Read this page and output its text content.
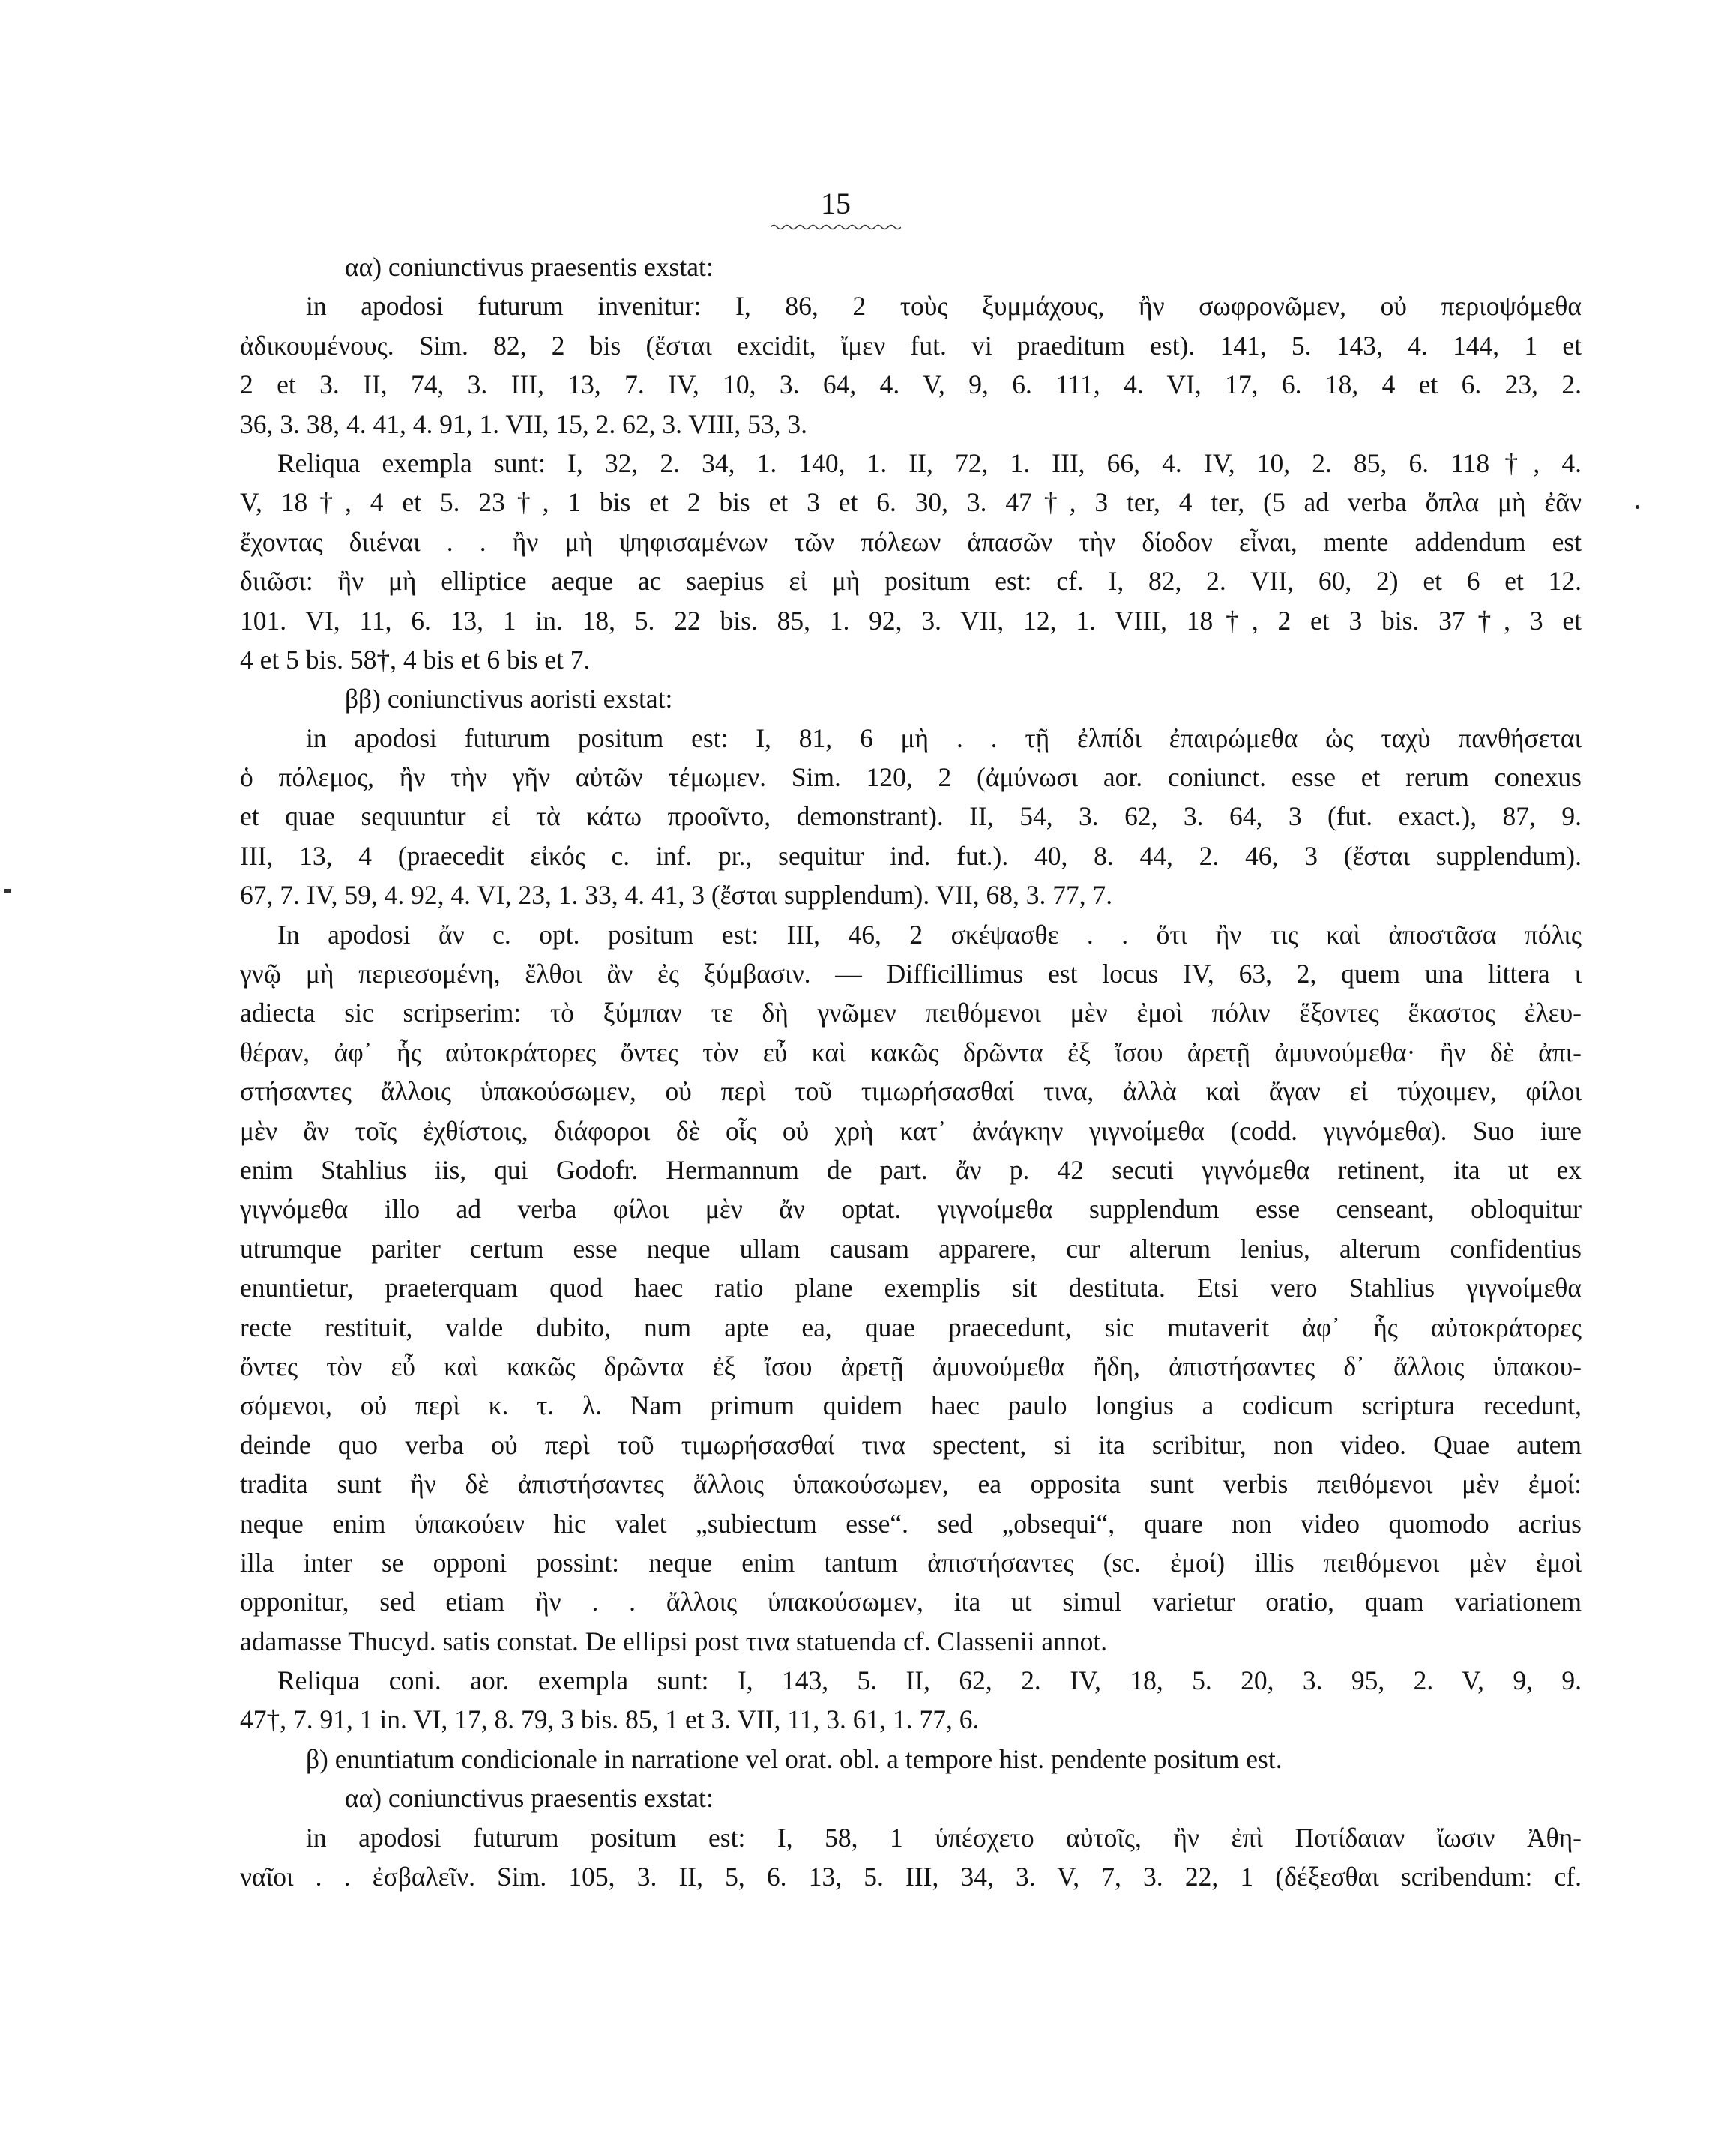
15
αα) coniunctivus praesentis exstat:
in apodosi futurum invenitur: I, 86, 2 τοὺς ξυμμάχους, ἢν σωφρονῶμεν, οὐ περιοψόμεθα
ἀδικουμένους. Sim. 82, 2 bis (ἔσται excidit, ἴμεν fut. vi praeditum est). 141, 5. 143, 4. 144, 1 et
2 et 3. II, 74, 3. III, 13, 7. IV, 10, 3. 64, 4. V, 9, 6. 111, 4. VI, 17, 6. 18, 4 et 6. 23, 2.
36, 3. 38, 4. 41, 4. 91, 1. VII, 15, 2. 62, 3. VIII, 53, 3.
Reliqua exempla sunt: I, 32, 2. 34, 1. 140, 1. II, 72, 1. III, 66, 4. IV, 10, 2. 85, 6. 118†, 4.
V, 18†, 4 et 5. 23†, 1 bis et 2 bis et 3 et 6. 30, 3. 47†, 3 ter, 4 ter, (5 ad verba ὅπλα μὴ ἐᾶν
ἔχοντας διιέναι . . ἢν μὴ ψηφισαμένων τῶν πόλεων ἁπασῶν τὴν δίοδον εἶναι, mente addendum est
διιῶσι: ἢν μὴ elliptice aeque ac saepius εἰ μὴ positum est: cf. I, 82, 2. VII, 60, 2) et 6 et 12.
101. VI, 11, 6. 13, 1 in. 18, 5. 22 bis. 85, 1. 92, 3. VII, 12, 1. VIII, 18†, 2 et 3 bis. 37†, 3 et
4 et 5 bis. 58†, 4 bis et 6 bis et 7.
ββ) coniunctivus aoristi exstat:
in apodosi futurum positum est: I, 81, 6 μὴ . . τῇ ἐλπίδι ἐπαιρώμεθα ὡς ταχὺ πανθήσεται
ὁ πόλεμος, ἢν τὴν γῆν αὐτῶν τέμωμεν. Sim. 120, 2 (ἀμύνωσι aor. coniunct. esse et rerum conexus
et quae sequuntur εἰ τὰ κάτω προοῖντο, demonstrant). II, 54, 3. 62, 3. 64, 3 (fut. exact.), 87, 9.
III, 13, 4 (praecedit εἰκός c. inf. pr., sequitur ind. fut.). 40, 8. 44, 2. 46, 3 (ἔσται supplendum).
67, 7. IV, 59, 4. 92, 4. VI, 23, 1. 33, 4. 41, 3 (ἔσται supplendum). VII, 68, 3. 77, 7.
In apodosi ἄν c. opt. positum est: III, 46, 2 σκέψασθε . . ὅτι ἢν τις καὶ ἀποστᾶσα πόλις
γνῷ μὴ περιεσομένη, ἔλθοι ἂν ἐς ξύμβασιν. — Difficillimus est locus IV, 63, 2, quem una littera ι
adiecta sic scripserim: τὸ ξύμπαν τε δὴ γνῶμεν πειθόμενοι μὲν ἐμοὶ πόλιν ἕξοντες ἕκαστος ἐλευ-
θέραν, ἀφ᾽ ἧς αὐτοκράτορες ὄντες τὸν εὖ καὶ κακῶς δρῶντα ἐξ ἴσου ἀρετῇ ἀμυνούμεθα· ἢν δὲ ἀπι-
στήσαντες ἄλλοις ὑπακούσωμεν, οὐ περὶ τοῦ τιμωρήσασθαί τινα, ἀλλὰ καὶ ἄγαν εἰ τύχοιμεν, φίλοι
μὲν ἂν τοῖς ἐχθίστοις, διάφοροι δὲ οἷς οὐ χρὴ κατ᾽ ἀνάγκην γιγνοίμεθα (codd. γιγνόμεθα). Suo iure
enim Stahlius iis, qui Godofr. Hermannum de part. ἄν p. 42 secuti γιγνόμεθα retinent, ita ut ex
γιγνόμεθα illo ad verba φίλοι μὲν ἄν optat. γιγνοίμεθα supplendum esse censeant, obloquitur
utrumque pariter certum esse neque ullam causam apparere, cur alterum lenius, alterum confidentius
enuntietur, praeterquam quod haec ratio plane exemplis sit destituta. Etsi vero Stahlius γιγνοίμεθα
recte restituit, valde dubito, num apte ea, quae praecedunt, sic mutaverit ἀφ᾽ ἧς αὐτοκράτορες
ὄντες τὸν εὖ καὶ κακῶς δρῶντα ἐξ ἴσου ἀρετῇ ἀμυνούμεθα ἤδη, ἀπιστήσαντες δ᾽ ἄλλοις ὑπακου-
σόμενοι, οὐ περὶ κ. τ. λ. Nam primum quidem haec paulo longius a codicum scriptura recedunt,
deinde quo verba οὐ περὶ τοῦ τιμωρήσασθαί τινα spectent, si ita scribitur, non video. Quae autem
tradita sunt ἢν δὲ ἀπιστήσαντες ἄλλοις ὑπακούσωμεν, ea opposita sunt verbis πειθόμενοι μὲν ἐμοί:
neque enim ὑπακούειν hic valet „subiectum esse“. sed „obsequi“, quare non video quomodo acrius
illa inter se opponi possint: neque enim tantum ἀπιστήσαντες (sc. ἐμοί) illis πειθόμενοι μὲν ἐμοὶ
opponitur, sed etiam ἢν . . ἄλλοις ὑπακούσωμεν, ita ut simul varietur oratio, quam variationem
adamasse Thucyd. satis constat. De ellipsi post τινα statuenda cf. Classenii annot.
Reliqua coni. aor. exempla sunt: I, 143, 5. II, 62, 2. IV, 18, 5. 20, 3. 95, 2. V, 9, 9.
47†, 7. 91, 1 in. VI, 17, 8. 79, 3 bis. 85, 1 et 3. VII, 11, 3. 61, 1. 77, 6.
β) enuntiatum condicionale in narratione vel orat. obl. a tempore hist. pendente positum est.
αα) coniunctivus praesentis exstat:
in apodosi futurum positum est: I, 58, 1 ὑπέσχετο αὐτοῖς, ἢν ἐπὶ Ποτίδαιαν ἴωσιν Ἀθη-
ναῖοι . . ἐσβαλεῖν. Sim. 105, 3. II, 5, 6. 13, 5. III, 34, 3. V, 7, 3. 22, 1 (δέξεσθαι scribendum: cf.
